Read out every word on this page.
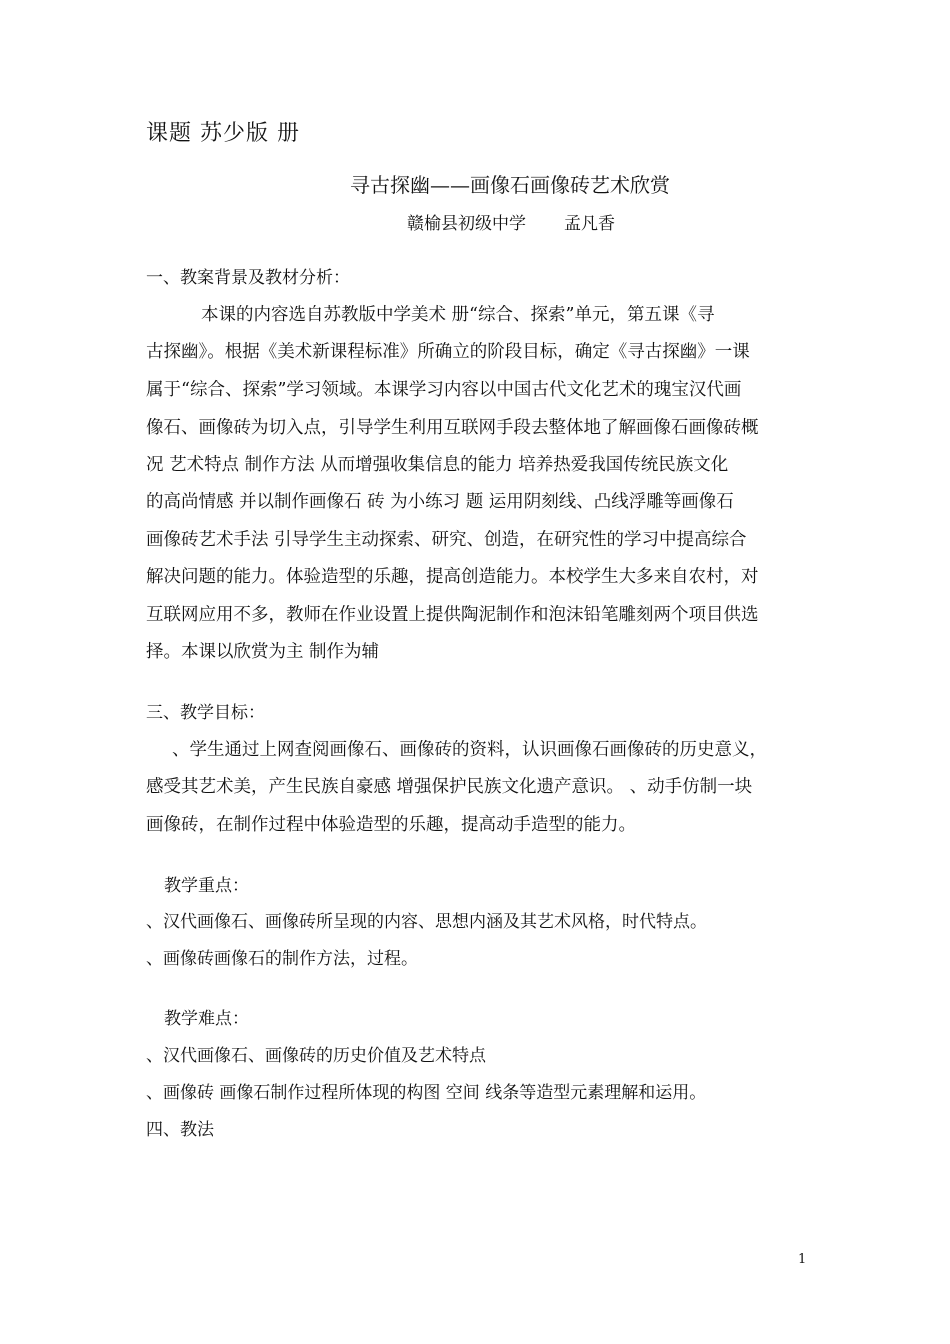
课题 苏少版 册
寻古探幽——画像石画像砖艺术欣赏
赣榆县初级中学 孟凡香
一、教案背景及教材分析：
本课的内容选自苏教版中学美术 册“综合、探索”单元，第五课《寻
古探幽》。根据《美术新课程标准》所确立的阶段目标，确定《寻古探幽》一课
属于“综合、探索”学习领域。本课学习内容以中国古代文化艺术的瑰宝汉代画
像石、画像砖为切入点，引导学生利用互联网手段去整体地了解画像石画像砖概
况 艺术特点 制作方法 从而增强收集信息的能力 培养热爱我国传统民族文化
的高尚情感 并以制作画像石 砖 为小练习 题 运用阴刻线、凸线浮雕等画像石
画像砖艺术手法 引导学生主动探索、研究、创造，在研究性的学习中提高综合
解决问题的能力。体验造型的乐趣，提高创造能力。本校学生大多来自农村，对
互联网应用不多，教师在作业设置上提供陶泥制作和泡沫铅笔雕刻两个项目供选
择。本课以欣赏为主 制作为辅
三、教学目标：
、学生通过上网查阅画像石、画像砖的资料，认识画像石画像砖的历史意义，
感受其艺术美，产生民族自豪感 增强保护民族文化遗产意识。 、动手仿制一块
画像砖，在制作过程中体验造型的乐趣，提高动手造型的能力。
教学重点：
、汉代画像石、画像砖所呈现的内容、思想内涵及其艺术风格，时代特点。
、画像砖画像石的制作方法，过程。
教学难点：
、汉代画像石、画像砖的历史价值及艺术特点
、画像砖 画像石制作过程所体现的构图 空间 线条等造型元素理解和运用。
四、教法
1
